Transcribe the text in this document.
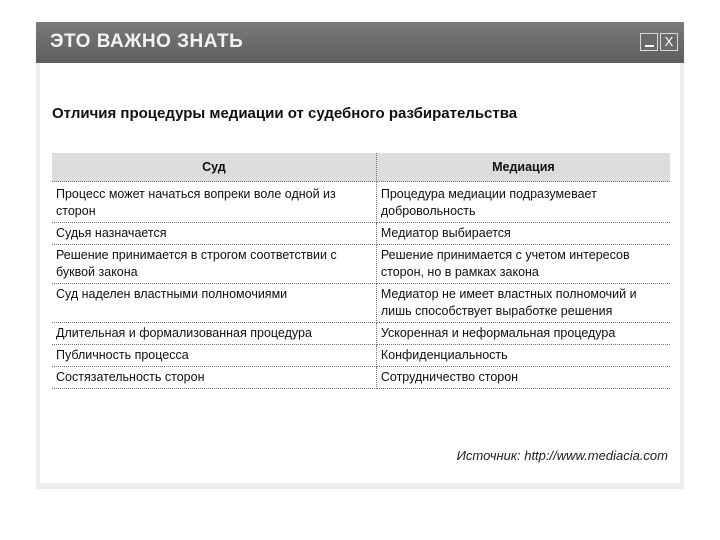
ЭТО ВАЖНО ЗНАТЬ	X
Отличия процедуры медиации от судебного разбирательства
Суд	Медиация
Процесс может начаться вопреки воле одной из сторон	Процедура медиации подразумевает добровольность
Судья назначается	Медиатор выбирается
Решение принимается в строгом соответствии с буквой закона	Решение принимается с учетом интересов сторон, но в рамках закона
Суд наделен властными полномочиями	Медиатор не имеет властных полномочий и лишь способствует выработке решения
Длительная и формализованная процедура	Ускоренная и неформальная процедура
Публичность процесса	Конфиденциальность
Состязательность сторон	Сотрудничество сторон
Источник: http://www.mediacia.com
